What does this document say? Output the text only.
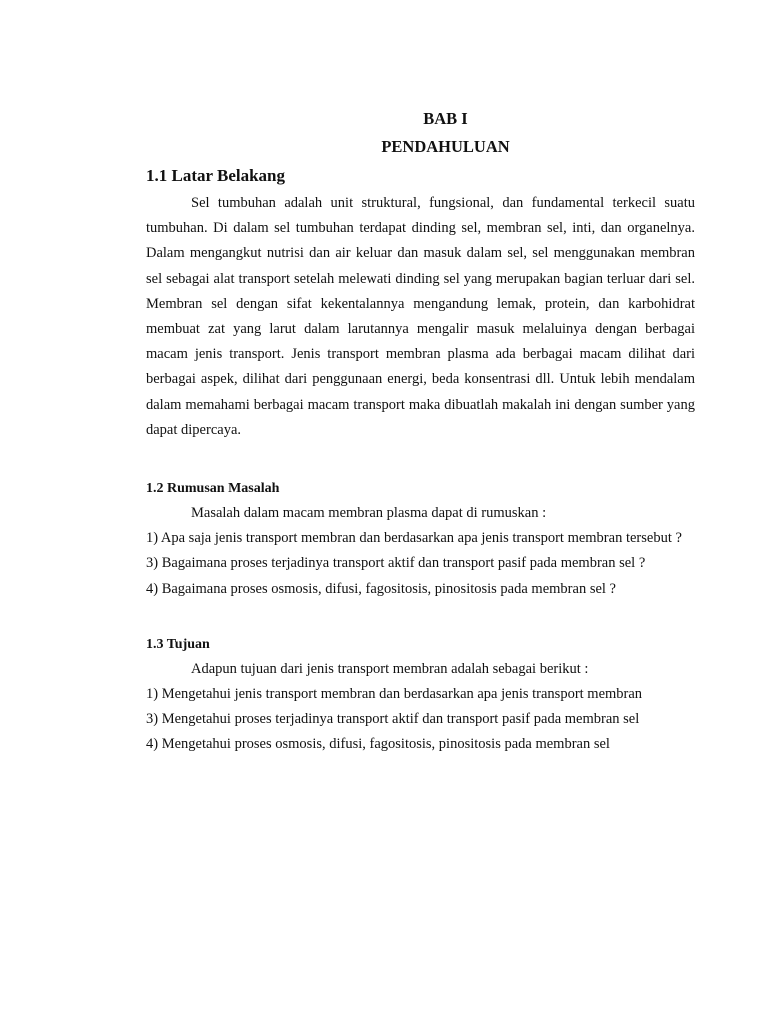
BAB I

PENDAHULUAN

1.1 Latar Belakang

Sel tumbuhan adalah unit struktural, fungsional, dan fundamental terkecil suatu tumbuhan. Di dalam sel tumbuhan terdapat dinding sel, membran sel, inti, dan organelnya. Dalam mengangkut nutrisi dan air keluar dan masuk dalam sel, sel menggunakan membran sel sebagai alat transport setelah melewati dinding sel yang merupakan bagian terluar dari sel. Membran sel dengan sifat kekentalannya mengandung lemak, protein, dan karbohidrat membuat zat yang larut dalam larutannya mengalir masuk melaluinya dengan berbagai macam jenis transport. Jenis transport membran plasma ada berbagai macam dilihat dari berbagai aspek, dilihat dari penggunaan energi, beda konsentrasi dll. Untuk lebih mendalam dalam memahami berbagai macam transport maka dibuatlah makalah ini dengan sumber yang dapat dipercaya.

1.2 Rumusan Masalah

Masalah dalam macam membran plasma dapat di rumuskan :

1) Apa saja jenis transport membran dan berdasarkan apa jenis transport membran tersebut ?
3) Bagaimana proses terjadinya transport aktif dan transport pasif pada membran sel ?
4) Bagaimana proses osmosis, difusi, fagositosis, pinositosis pada membran sel ?
1.3 Tujuan

Adapun tujuan dari jenis transport membran adalah sebagai berikut :

1) Mengetahui jenis transport membran dan berdasarkan apa jenis transport membran
3) Mengetahui proses terjadinya transport aktif dan transport pasif pada membran sel
4) Mengetahui proses osmosis, difusi, fagositosis, pinositosis pada membran sel
